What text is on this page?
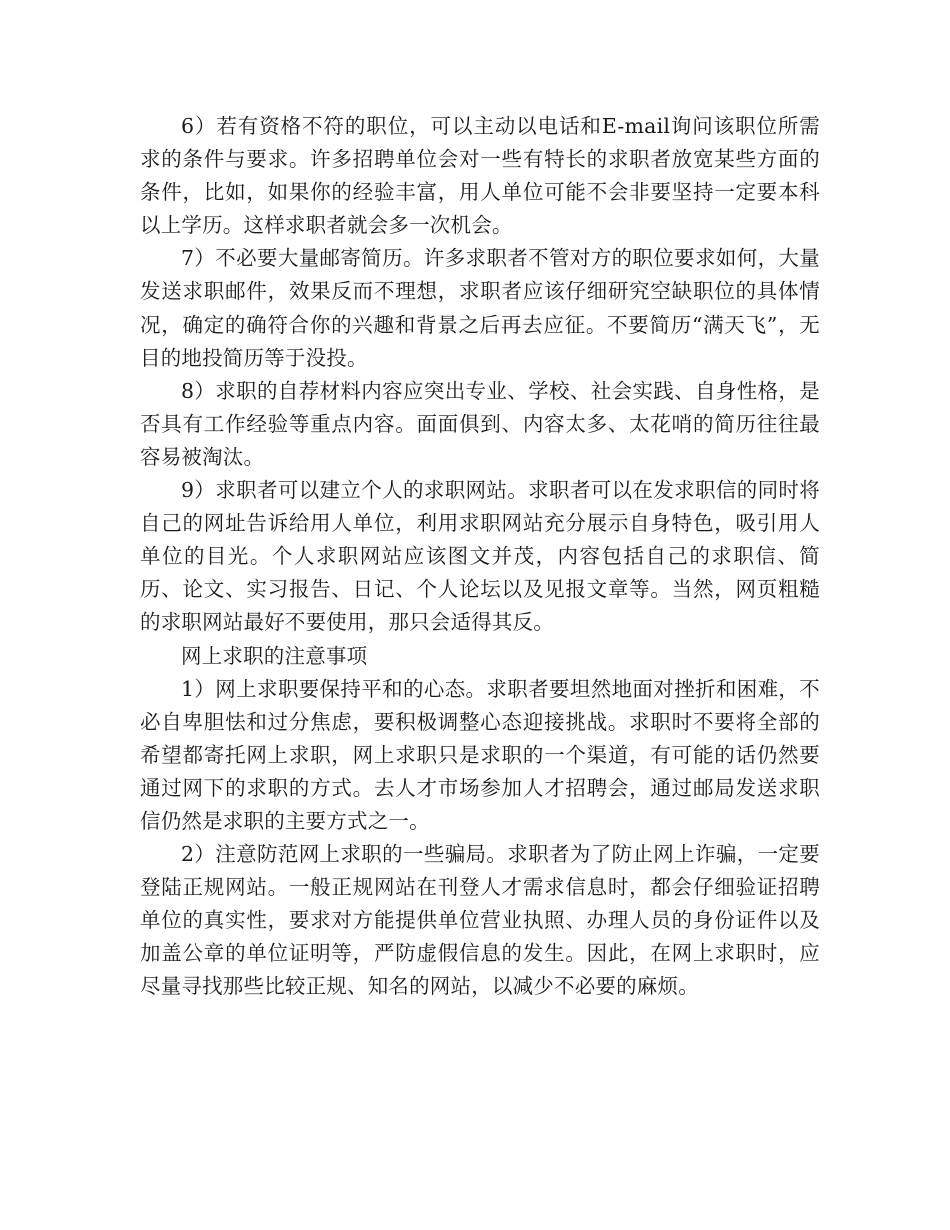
6）若有资格不符的职位，可以主动以电话和E-mail询问该职位所需求的条件与要求。许多招聘单位会对一些有特长的求职者放宽某些方面的条件，比如，如果你的经验丰富，用人单位可能不会非要坚持一定要本科以上学历。这样求职者就会多一次机会。

7）不必要大量邮寄简历。许多求职者不管对方的职位要求如何，大量发送求职邮件，效果反而不理想，求职者应该仔细研究空缺职位的具体情况，确定的确符合你的兴趣和背景之后再去应征。不要简历“满天飞”，无目的地投简历等于没投。

8）求职的自荐材料内容应突出专业、学校、社会实践、自身性格，是否具有工作经验等重点内容。面面俱到、内容太多、太花哨的简历往往最容易被淘汰。

9）求职者可以建立个人的求职网站。求职者可以在发求职信的同时将自己的网址告诉给用人单位，利用求职网站充分展示自身特色，吸引用人单位的目光。个人求职网站应该图文并茂，内容包括自己的求职信、简历、论文、实习报告、日记、个人论坛以及见报文章等。当然，网页粗糙的求职网站最好不要使用，那只会适得其反。

网上求职的注意事项

1）网上求职要保持平和的心态。求职者要坦然地面对挫折和困难，不必自卑胆怯和过分焦虑，要积极调整心态迎接挑战。求职时不要将全部的希望都寄托网上求职，网上求职只是求职的一个渠道，有可能的话仍然要通过网下的求职的方式。去人才市场参加人才招聘会，通过邮局发送求职信仍然是求职的主要方式之一。

2）注意防范网上求职的一些骗局。求职者为了防止网上诈骗，一定要登陆正规网站。一般正规网站在刊登人才需求信息时，都会仔细验证招聘单位的真实性，要求对方能提供单位营业执照、办理人员的身份证件以及加盖公章的单位证明等，严防虚假信息的发生。因此，在网上求职时，应尽量寻找那些比较正规、知名的网站，以减少不必要的麻烦。
